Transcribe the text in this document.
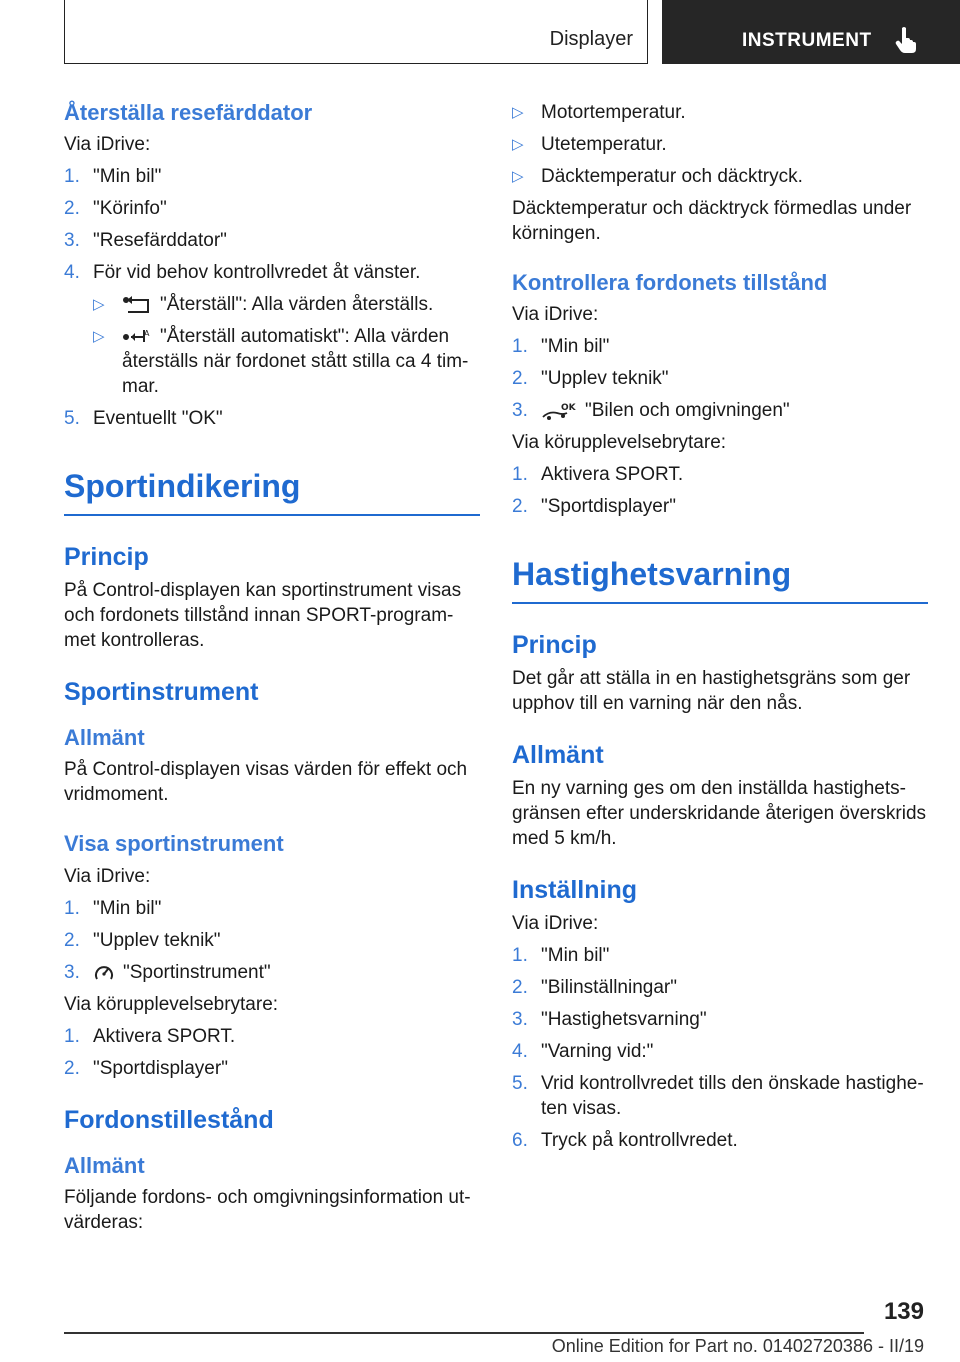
Displayer	INSTRUMENT
Återställa resefärddator

Via iDrive:

1. "Min bil"
2. "Körinfo"
3. "Resefärddator"
4. För vid behov kontrollvredet åt vänster.
▷	"Återställ": Alla värden återställs.
▷	A "Återställ automatiskt": Alla värden återställs när fordonet stått stilla ca 4 tim-mar.
5. Eventuellt "OK"
Sportindikering
Princip

På Control-displayen kan sportinstrument visas och fordonets tillstånd innan SPORT-program-met kontrolleras.

Sportinstrument
Allmänt

På Control-displayen visas värden för effekt och vridmoment.

Visa sportinstrument

Via iDrive:

1. "Min bil"
2. "Upplev teknik"
3. "Sportinstrument"

Via körupplevelsebrytare:

1. Aktivera SPORT.
2. "Sportdisplayer"
Fordonstillestånd
Allmänt

Följande fordons- och omgivningsinformation ut-värderas:

▷ Motortemperatur.
▷ Utetemperatur.
▷ Däcktemperatur och däcktryck.

Däcktemperatur och däcktryck förmedlas under körningen.

Kontrollera fordonets tillstånd

Via iDrive:

1. "Min bil"
2. "Upplev teknik"
3.	OK "Bilen och omgivningen"

Via körupplevelsebrytare:

1. Aktivera SPORT.
2. "Sportdisplayer"
Hastighetsvarning
Princip

Det går att ställa in en hastighetsgräns som ger upphov till en varning när den nås.

Allmänt

En ny varning ges om den inställda hastighets-gränsen efter underskridande återigen överskrids med 5 km/h.

Inställning

Via iDrive:

1. "Min bil"
2. "Bilinställningar"
3. "Hastighetsvarning"
4. "Varning vid:"
5. Vrid kontrollvredet tills den önskade hastighe-ten visas.
6. Tryck på kontrollvredet.
139
Online Edition for Part no. 01402720386 - II/19
